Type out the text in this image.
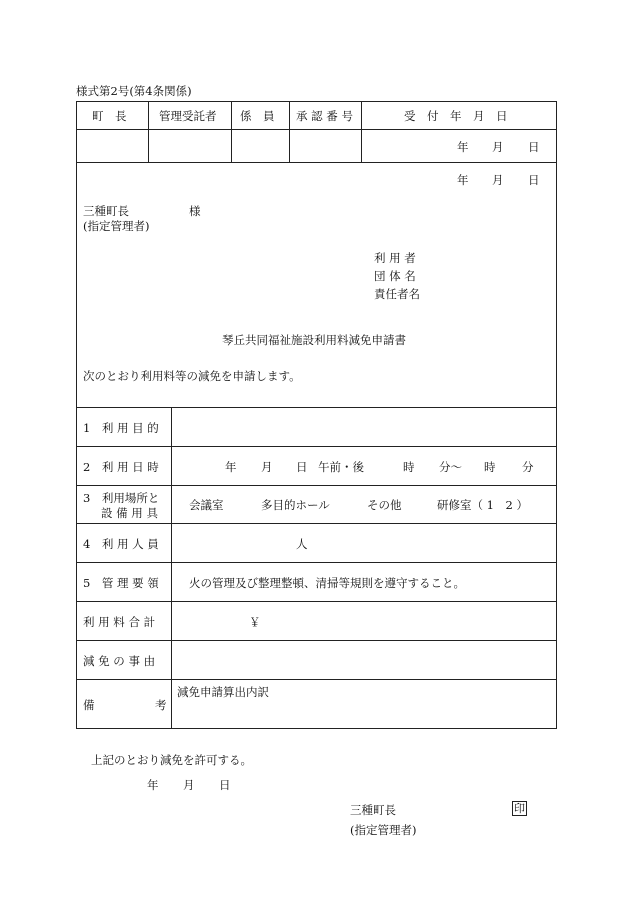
様式第2号(第4条関係)
町　長	管理受託者 係　員 承 認 番 号	受　付　年　月　日
年 月 日
年 月 日
三種町長	様
(指定管理者)
利 用 者
団 体 名
責任者名
琴丘共同福祉施設利用料減免申請書
次のとおり利用料等の減免を申請します。
1　利 用 目 的
2　利 用 日 時	年 月 日 午前・後	時 分～ 時 分
3　利用場所と
設 備 用 具
会議室	多目的ホール	その他	研修室（ 1　2 ）
4　利 用 人 員	人
5　管 理 要 領	火の管理及び整理整頓、清掃等規則を遵守すること。
利 用 料 合 計	￥
減 免 の 事 由
備	考
減免申請算出内訳
上記のとおり減免を許可する。
年 月 日
三種町長	印
(指定管理者)
